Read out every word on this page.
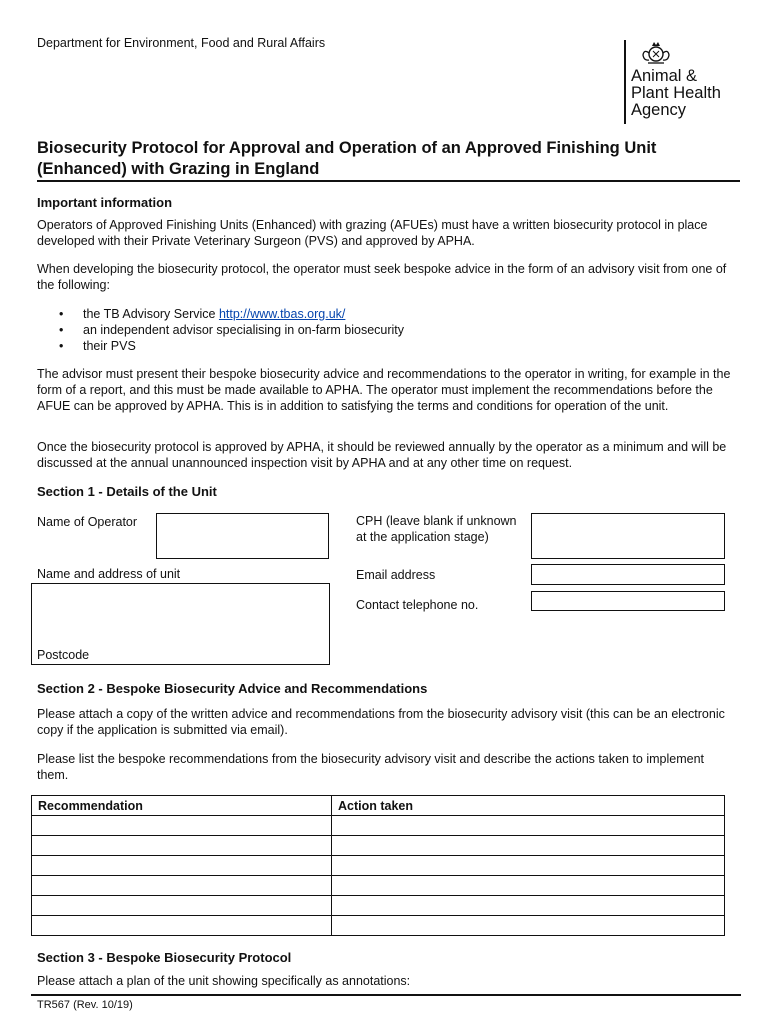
Department for Environment, Food and Rural Affairs
Animal &
Plant Health
Agency
Biosecurity Protocol for Approval and Operation of an Approved Finishing Unit (Enhanced) with Grazing in England
Important information
Operators of Approved Finishing Units (Enhanced) with grazing (AFUEs) must have a written biosecurity protocol in place developed with their Private Veterinary Surgeon (PVS) and approved by APHA.
When developing the biosecurity protocol, the operator must seek bespoke advice in the form of an advisory visit from one of the following:
• the TB Advisory Service http://www.tbas.org.uk/
• an independent advisor specialising in on-farm biosecurity
• their PVS
The advisor must present their bespoke biosecurity advice and recommendations to the operator in writing, for example in the form of a report, and this must be made available to APHA. The operator must implement the recommendations before the AFUE can be approved by APHA. This is in addition to satisfying the terms and conditions for operation of the unit.
Once the biosecurity protocol is approved by APHA, it should be reviewed annually by the operator as a minimum and will be discussed at the annual unannounced inspection visit by APHA and at any other time on request.
Section 1 - Details of the Unit
Name of Operator	CPH (leave blank if unknown at the application stage)
Name and address of unit	Email address
Postcode
Contact telephone no.
Section 2 - Bespoke Biosecurity Advice and Recommendations
Please attach a copy of the written advice and recommendations from the biosecurity advisory visit (this can be an electronic copy if the application is submitted via email).
Please list the bespoke recommendations from the biosecurity advisory visit and describe the actions taken to implement them.
Recommendation	Action taken

Section 3 - Bespoke Biosecurity Protocol
Please attach a plan of the unit showing specifically as annotations:
TR567 (Rev. 10/19)
